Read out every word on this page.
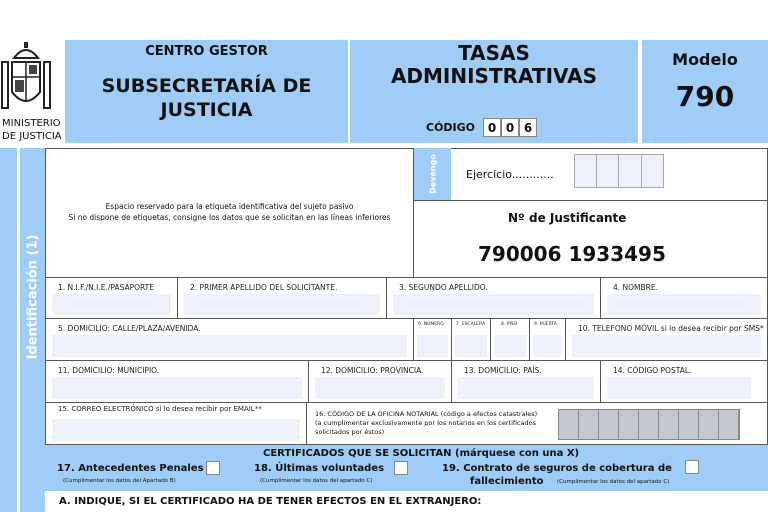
MINISTERIO
DE JUSTICIA
CENTRO GESTOR
SUBSECRETARÍA DE
JUSTICIA
TASAS
ADMINISTRATIVAS
CÓDIGO	0 0 6
Modelo
790
Identificación (1)
Espacio reservado para la etiqueta identificativa del sujeto pasivo
Si no dispone de etiquetas, consigne los datos que se solicitan en las líneas inferiores
Devengo	Ejercicio............
Nº de Justificante
790006 1933495
1. N.I.F./N.I.E./PASAPORTE	2. PRIMER APELLIDO DEL SOLICITANTE.	3. SEGUNDO APELLIDO.	4. NOMBRE.
5. DOMICILIO: CALLE/PLAZA/AVENIDA.	6. NÚMERO	7. ESCALERA	8. PISO	9. PUERTA	10. TELEFONO MÓVIL si lo desea recibir por SMS*
11. DOMICILIO: MUNICIPIO.	12. DOMICILIO: PROVINCIA.	13. DOMICILIO: PAÍS.	14. CÓDIGO POSTAL.
15. CORREO ELECTRÓNICO si lo desea recibir por EMAIL**
16. CÓDIGO DE LA OFICINA NOTARIAL (código a efectos catastrales)
(a cumplimentar exclusivamente por los notarios en los certificados
solicitados por éstos)
CERTIFICADOS QUE SE SOLICITAN (márquese con una X)
17. Antecedentes Penales
(Cumplimentar los datos del Apartado B)
18. Últimas voluntades
(Cumplimentar los datos del apartado C)
19. Contrato de seguros de cobertura de
fallecimiento (Cumplimentar los datos del apartado C)
A. INDIQUE, SI EL CERTIFICADO HA DE TENER EFECTOS EN EL EXTRANJERO:
